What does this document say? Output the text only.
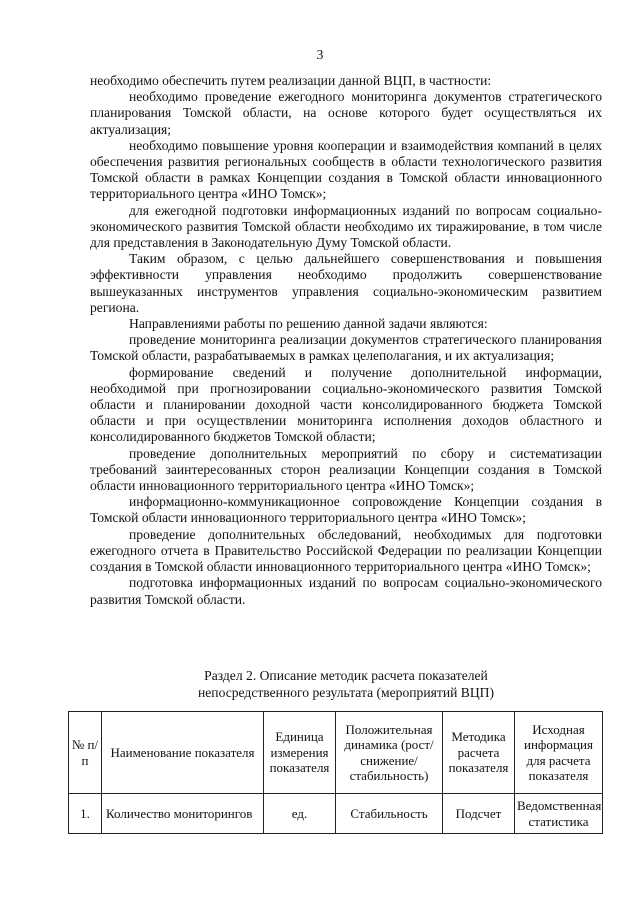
3

необходимо обеспечить путем реализации данной ВЦП, в частности:

необходимо проведение ежегодного мониторинга документов стратегического планирования Томской области, на основе которого будет осуществляться их актуализация;

необходимо повышение уровня кооперации и взаимодействия компаний в целях обеспечения развития региональных сообществ в области технологического развития Томской области в рамках Концепции создания в Томской области инновационного территориального центра «ИНО Томск»;

для ежегодной подготовки информационных изданий по вопросам социально-экономического развития Томской области необходимо их тиражирование, в том числе для представления в Законодательную Думу Томской области.

Таким образом, с целью дальнейшего совершенствования и повышения эффективности управления необходимо продолжить совершенствование вышеуказанных инструментов управления социально-экономическим развитием региона.

Направлениями работы по решению данной задачи являются:

проведение мониторинга реализации документов стратегического планирования Томской области, разрабатываемых в рамках целеполагания, и их актуализация;

формирование сведений и получение дополнительной информации, необходимой при прогнозировании социально-экономического развития Томской области и планировании доходной части консолидированного бюджета Томской области и при осуществлении мониторинга исполнения доходов областного и консолидированного бюджетов Томской области;

проведение дополнительных мероприятий по сбору и систематизации требований заинтересованных сторон реализации Концепции создания в Томской области инновационного территориального центра «ИНО Томск»;

информационно-коммуникационное сопровождение Концепции создания в Томской области инновационного территориального центра «ИНО Томск»;

проведение дополнительных обследований, необходимых для подготовки ежегодного отчета в Правительство Российской Федерации по реализации Концепции создания в Томской области инновационного территориального центра «ИНО Томск»;

подготовка информационных изданий по вопросам социально-экономического развития Томской области.

Раздел 2. Описание методик расчета показателей
непосредственного результата (мероприятий ВЦП)
№ п/п	Наименование показателя	Единица измерения показателя	Положительная динамика (рост/снижение/ стабильность)	Методика расчета показателя	Исходная информация для расчета показателя
1.	Количество мониторингов	ед.	Стабильность	Подсчет	Ведомственная статистика
